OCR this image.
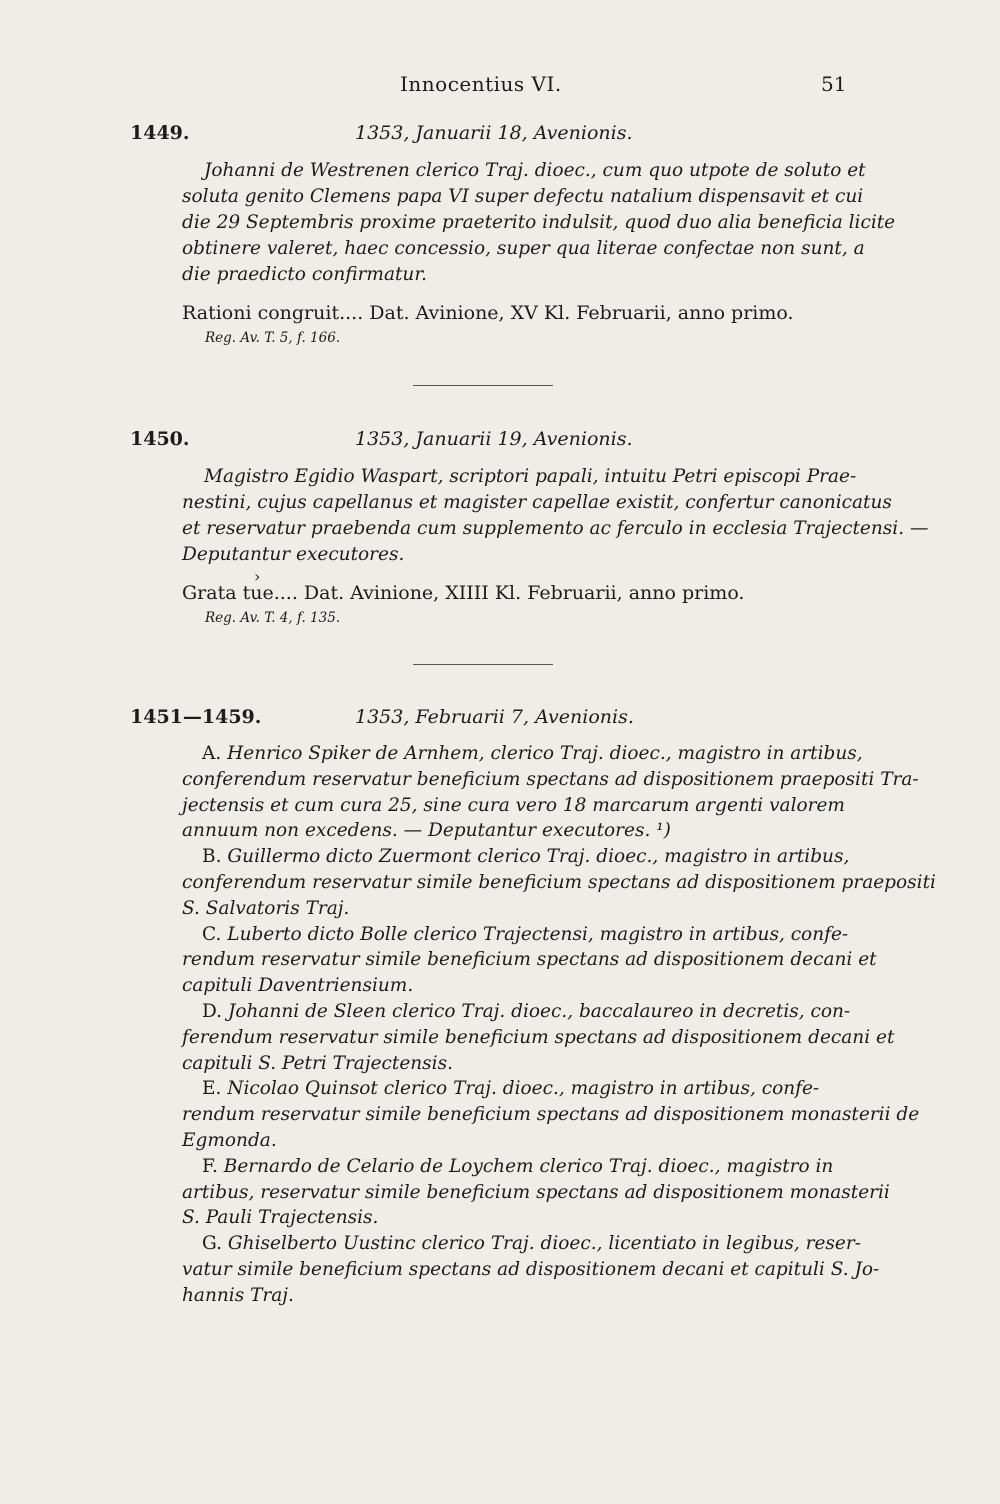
Innocentius VI.	51
1449.	1353, Januarii 18, Avenionis.
Johanni de Westrenen clerico Traj. dioec., cum quo utpote de soluto et
soluta genito Clemens papa VI super defectu natalium dispensavit et cui
die 29 Septembris proxime praeterito indulsit, quod duo alia beneficia licite
obtinere valeret, haec concessio, super qua literae confectae non sunt, a
die praedicto confirmatur.
Rationi congruit.... Dat. Avinione, XV Kl. Februarii, anno primo.
Reg. Av. T. 5, f. 166.
1450.	1353, Januarii 19, Avenionis.
Magistro Egidio Waspart, scriptori papali, intuitu Petri episcopi Prae-
nestini, cujus capellanus et magister capellae existit, confertur canonicatus
et reservatur praebenda cum supplemento ac ferculo in ecclesia Trajectensi. —
Deputantur executores.
›
Grata tue.... Dat. Avinione, XIIII Kl. Februarii, anno primo.
Reg. Av. T. 4, f. 135.
1451—1459.	1353, Februarii 7, Avenionis.
A. Henrico Spiker de Arnhem, clerico Traj. dioec., magistro in artibus,
conferendum reservatur beneficium spectans ad dispositionem praepositi Tra-
jectensis et cum cura 25, sine cura vero 18 marcarum argenti valorem
annuum non excedens. — Deputantur executores. ¹)
B. Guillermo dicto Zuermont clerico Traj. dioec., magistro in artibus,
conferendum reservatur simile beneficium spectans ad dispositionem praepositi
S. Salvatoris Traj.
C. Luberto dicto Bolle clerico Trajectensi, magistro in artibus, confe-
rendum reservatur simile beneficium spectans ad dispositionem decani et
capituli Daventriensium.
D. Johanni de Sleen clerico Traj. dioec., baccalaureo in decretis, con-
ferendum reservatur simile beneficium spectans ad dispositionem decani et
capituli S. Petri Trajectensis.
E. Nicolao Quinsot clerico Traj. dioec., magistro in artibus, confe-
rendum reservatur simile beneficium spectans ad dispositionem monasterii de
Egmonda.
F. Bernardo de Celario de Loychem clerico Traj. dioec., magistro in
artibus, reservatur simile beneficium spectans ad dispositionem monasterii
S. Pauli Trajectensis.
G. Ghiselberto Uustinc clerico Traj. dioec., licentiato in legibus, reser-
vatur simile beneficium spectans ad dispositionem decani et capituli S. Jo-
hannis Traj.
